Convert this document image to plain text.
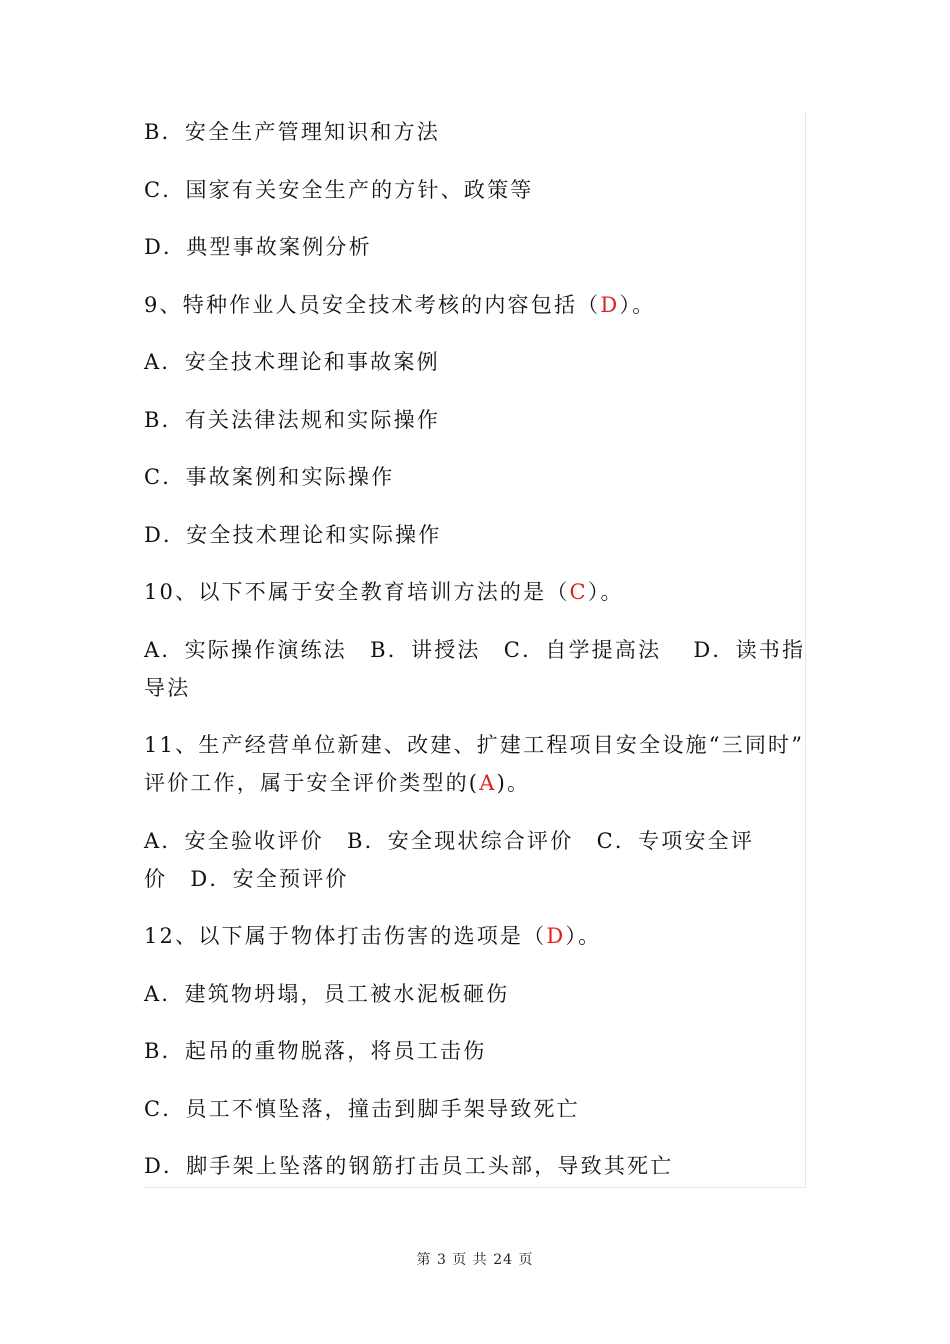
B．安全生产管理知识和方法

C．国家有关安全生产的方针、政策等

D．典型事故案例分析

9、特种作业人员安全技术考核的内容包括（D）。

A．安全技术理论和事故案例

B．有关法律法规和实际操作

C．事故案例和实际操作

D．安全技术理论和实际操作

10、以下不属于安全教育培训方法的是（C）。

A．实际操作演练法　B．讲授法　C．自学提高法　 D．读书指

导法

11、生产经营单位新建、改建、扩建工程项目安全设施“三同时”

评价工作，属于安全评价类型的(A)。

A．安全验收评价　B．安全现状综合评价　C．专项安全评

价　D．安全预评价

12、以下属于物体打击伤害的选项是（D）。

A．建筑物坍塌，员工被水泥板砸伤

B．起吊的重物脱落，将员工击伤

C．员工不慎坠落，撞击到脚手架导致死亡

D．脚手架上坠落的钢筋打击员工头部，导致其死亡

第 3 页 共 24 页
